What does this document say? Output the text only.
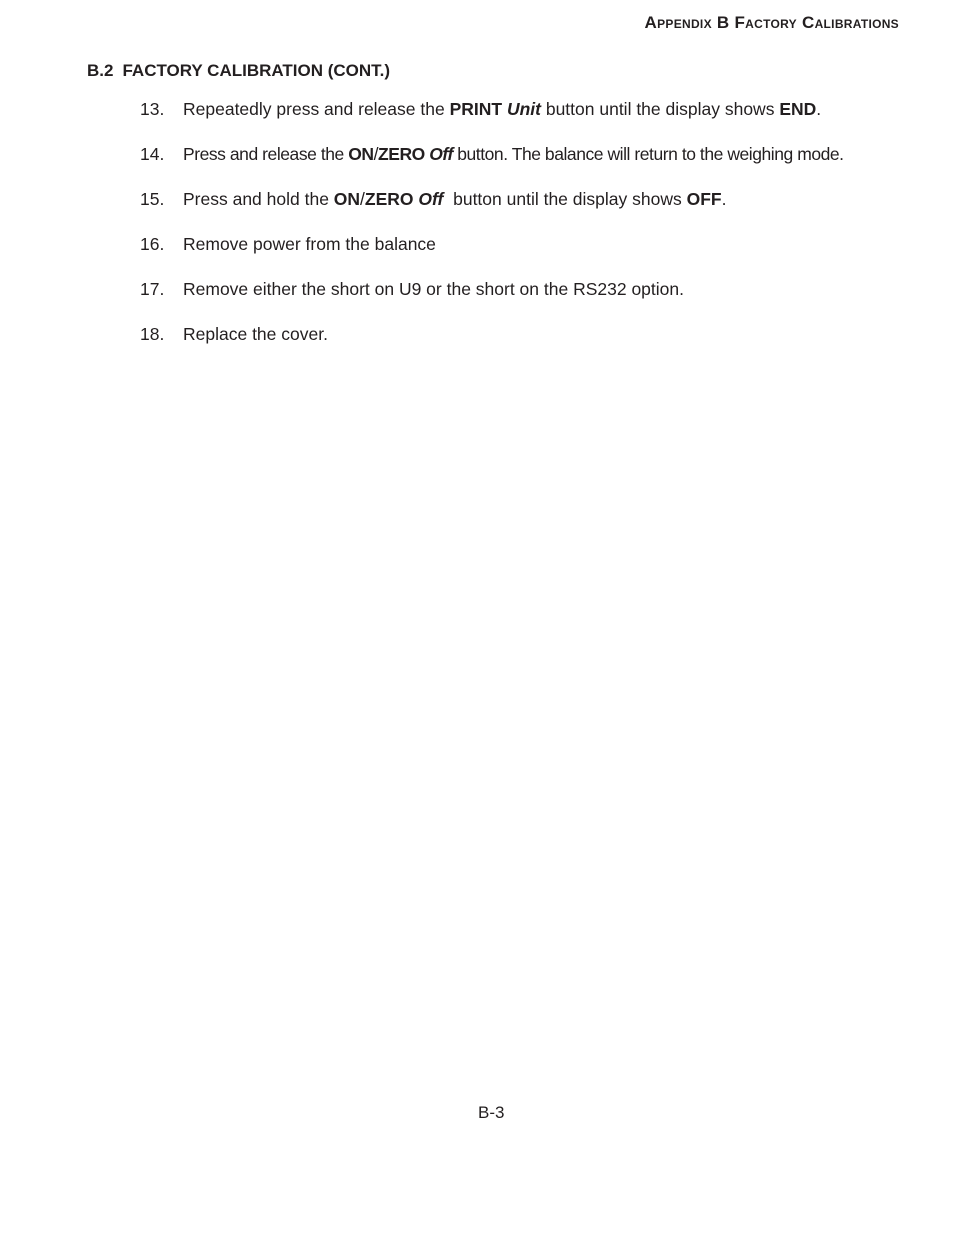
Appendix B Factory Calibrations
B.2 FACTORY CALIBRATION (CONT.)
13. Repeatedly press and release the PRINT Unit button until the display shows END.
14. Press and release the ON/ZERO Off button. The balance will return to the weighing mode.
15. Press and hold the ON/ZERO Off  button until the display shows OFF.
16. Remove power from the balance
17. Remove either the short on U9 or the short on the RS232 option.
18. Replace the cover.
B-3
